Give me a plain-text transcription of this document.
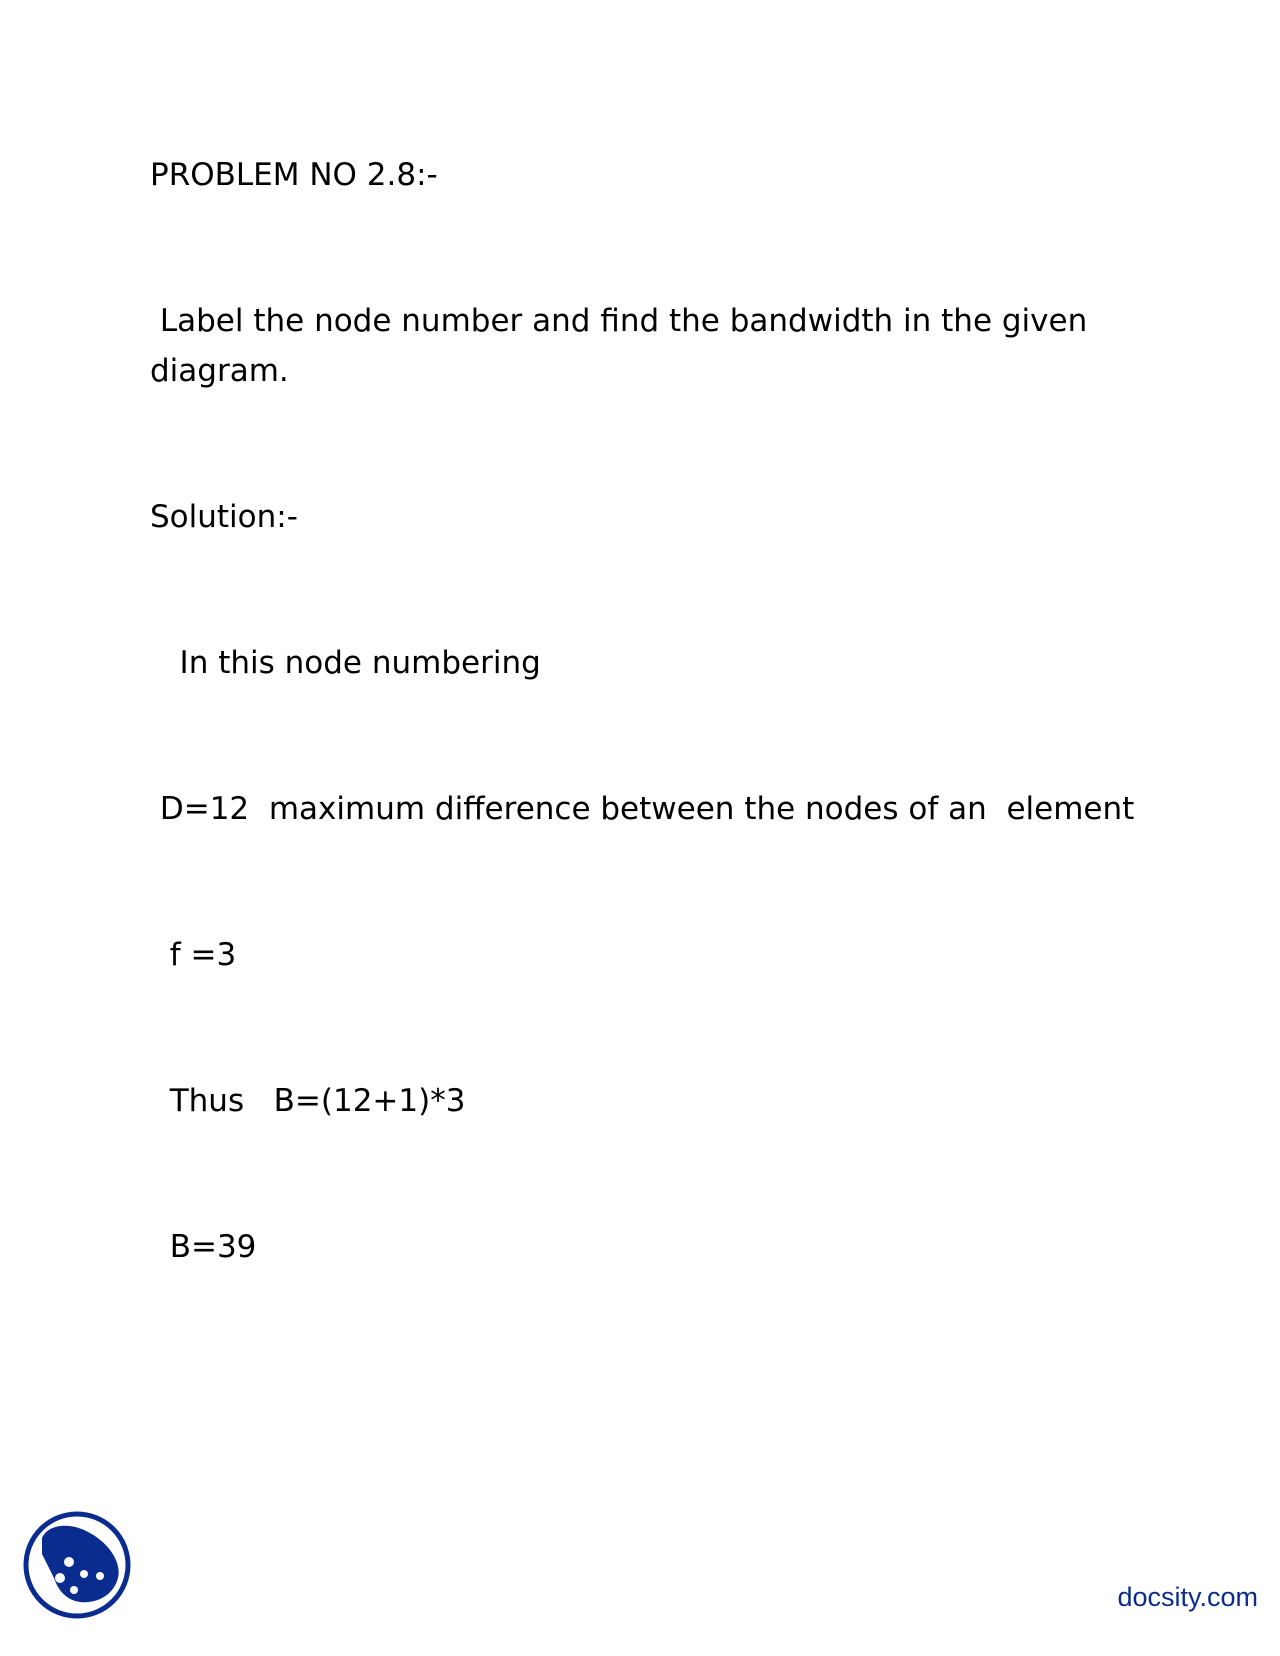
PROBLEM NO 2.8:-

Label the node number and find the bandwidth in the given

diagram.

Solution:-

In this node numbering

D=12  maximum difference between the nodes of an  element

f =3

Thus   B=(12+1)*3

B=39

docsity.com
